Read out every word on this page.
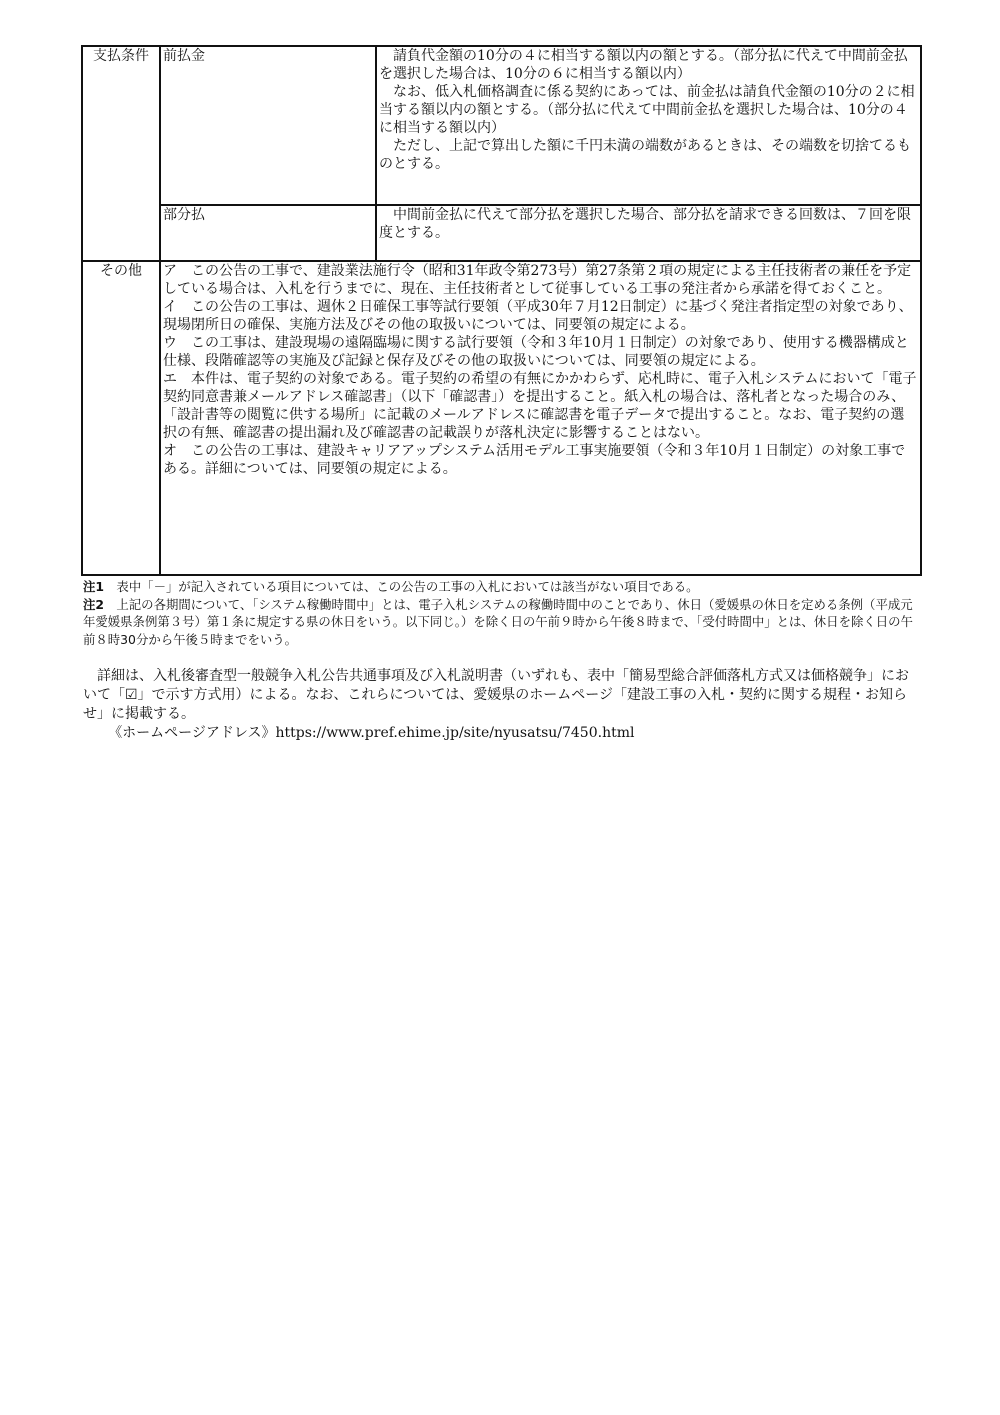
支払条件	前払金	請負代金額の10分の４に相当する額以内の額とする。（部分払に代えて中間前金払を選択した場合は、10分の６に相当する額以内）

なお、低入札価格調査に係る契約にあっては、前金払は請負代金額の10分の２に相当する額以内の額とする。（部分払に代えて中間前金払を選択した場合は、10分の４に相当する額以内）

ただし、上記で算出した額に千円未満の端数があるときは、その端数を切捨てるものとする。

	部分払	中間前金払に代えて部分払を選択した場合、部分払を請求できる回数は、７回を限度とする。

その他	ア　この公告の工事で、建設業法施行令（昭和31年政令第273号）第27条第２項の規定による主任技術者の兼任を予定している場合は、入札を行うまでに、現在、主任技術者として従事している工事の発注者から承諾を得ておくこと。

イ　この公告の工事は、週休２日確保工事等試行要領（平成30年７月12日制定）に基づく発注者指定型の対象であり、現場閉所日の確保、実施方法及びその他の取扱いについては、同要領の規定による。

ウ　この工事は、建設現場の遠隔臨場に関する試行要領（令和３年10月１日制定）の対象であり、使用する機器構成と仕様、段階確認等の実施及び記録と保存及びその他の取扱いについては、同要領の規定による。

エ　本件は、電子契約の対象である。電子契約の希望の有無にかかわらず、応札時に、電子入札システムにおいて「電子契約同意書兼メールアドレス確認書」（以下「確認書」）を提出すること。紙入札の場合は、落札者となった場合のみ、「設計書等の閲覧に供する場所」に記載のメールアドレスに確認書を電子データで提出すること。なお、電子契約の選択の有無、確認書の提出漏れ及び確認書の記載誤りが落札決定に影響することはない。

オ　この公告の工事は、建設キャリアアップシステム活用モデル工事実施要領（令和３年10月１日制定）の対象工事である。詳細については、同要領の規定による。	

注1　 表中「－」が記入されている項目については、この公告の工事の入札においては該当がない項目である。

注2　 上記の各期間について、「システム稼働時間中」とは、電子入札システムの稼働時間中のことであり、休日（愛媛県の休日を定める条例（平成元年愛媛県条例第３号）第１条に規定する県の休日をいう。以下同じ。）を除く日の午前９時から午後８時まで、「受付時間中」とは、休日を除く日の午前８時30分から午後５時までをいう。

詳細は、入札後審査型一般競争入札公告共通事項及び入札説明書（いずれも、表中「簡易型総合評価落札方式又は価格競争」において「☑」で示す方式用）による。なお、これらについては、愛媛県のホームページ「建設工事の入札・契約に関する規程・お知らせ」に掲載する。

《ホームページアドレス》https://www.pref.ehime.jp/site/nyusatsu/7450.html
